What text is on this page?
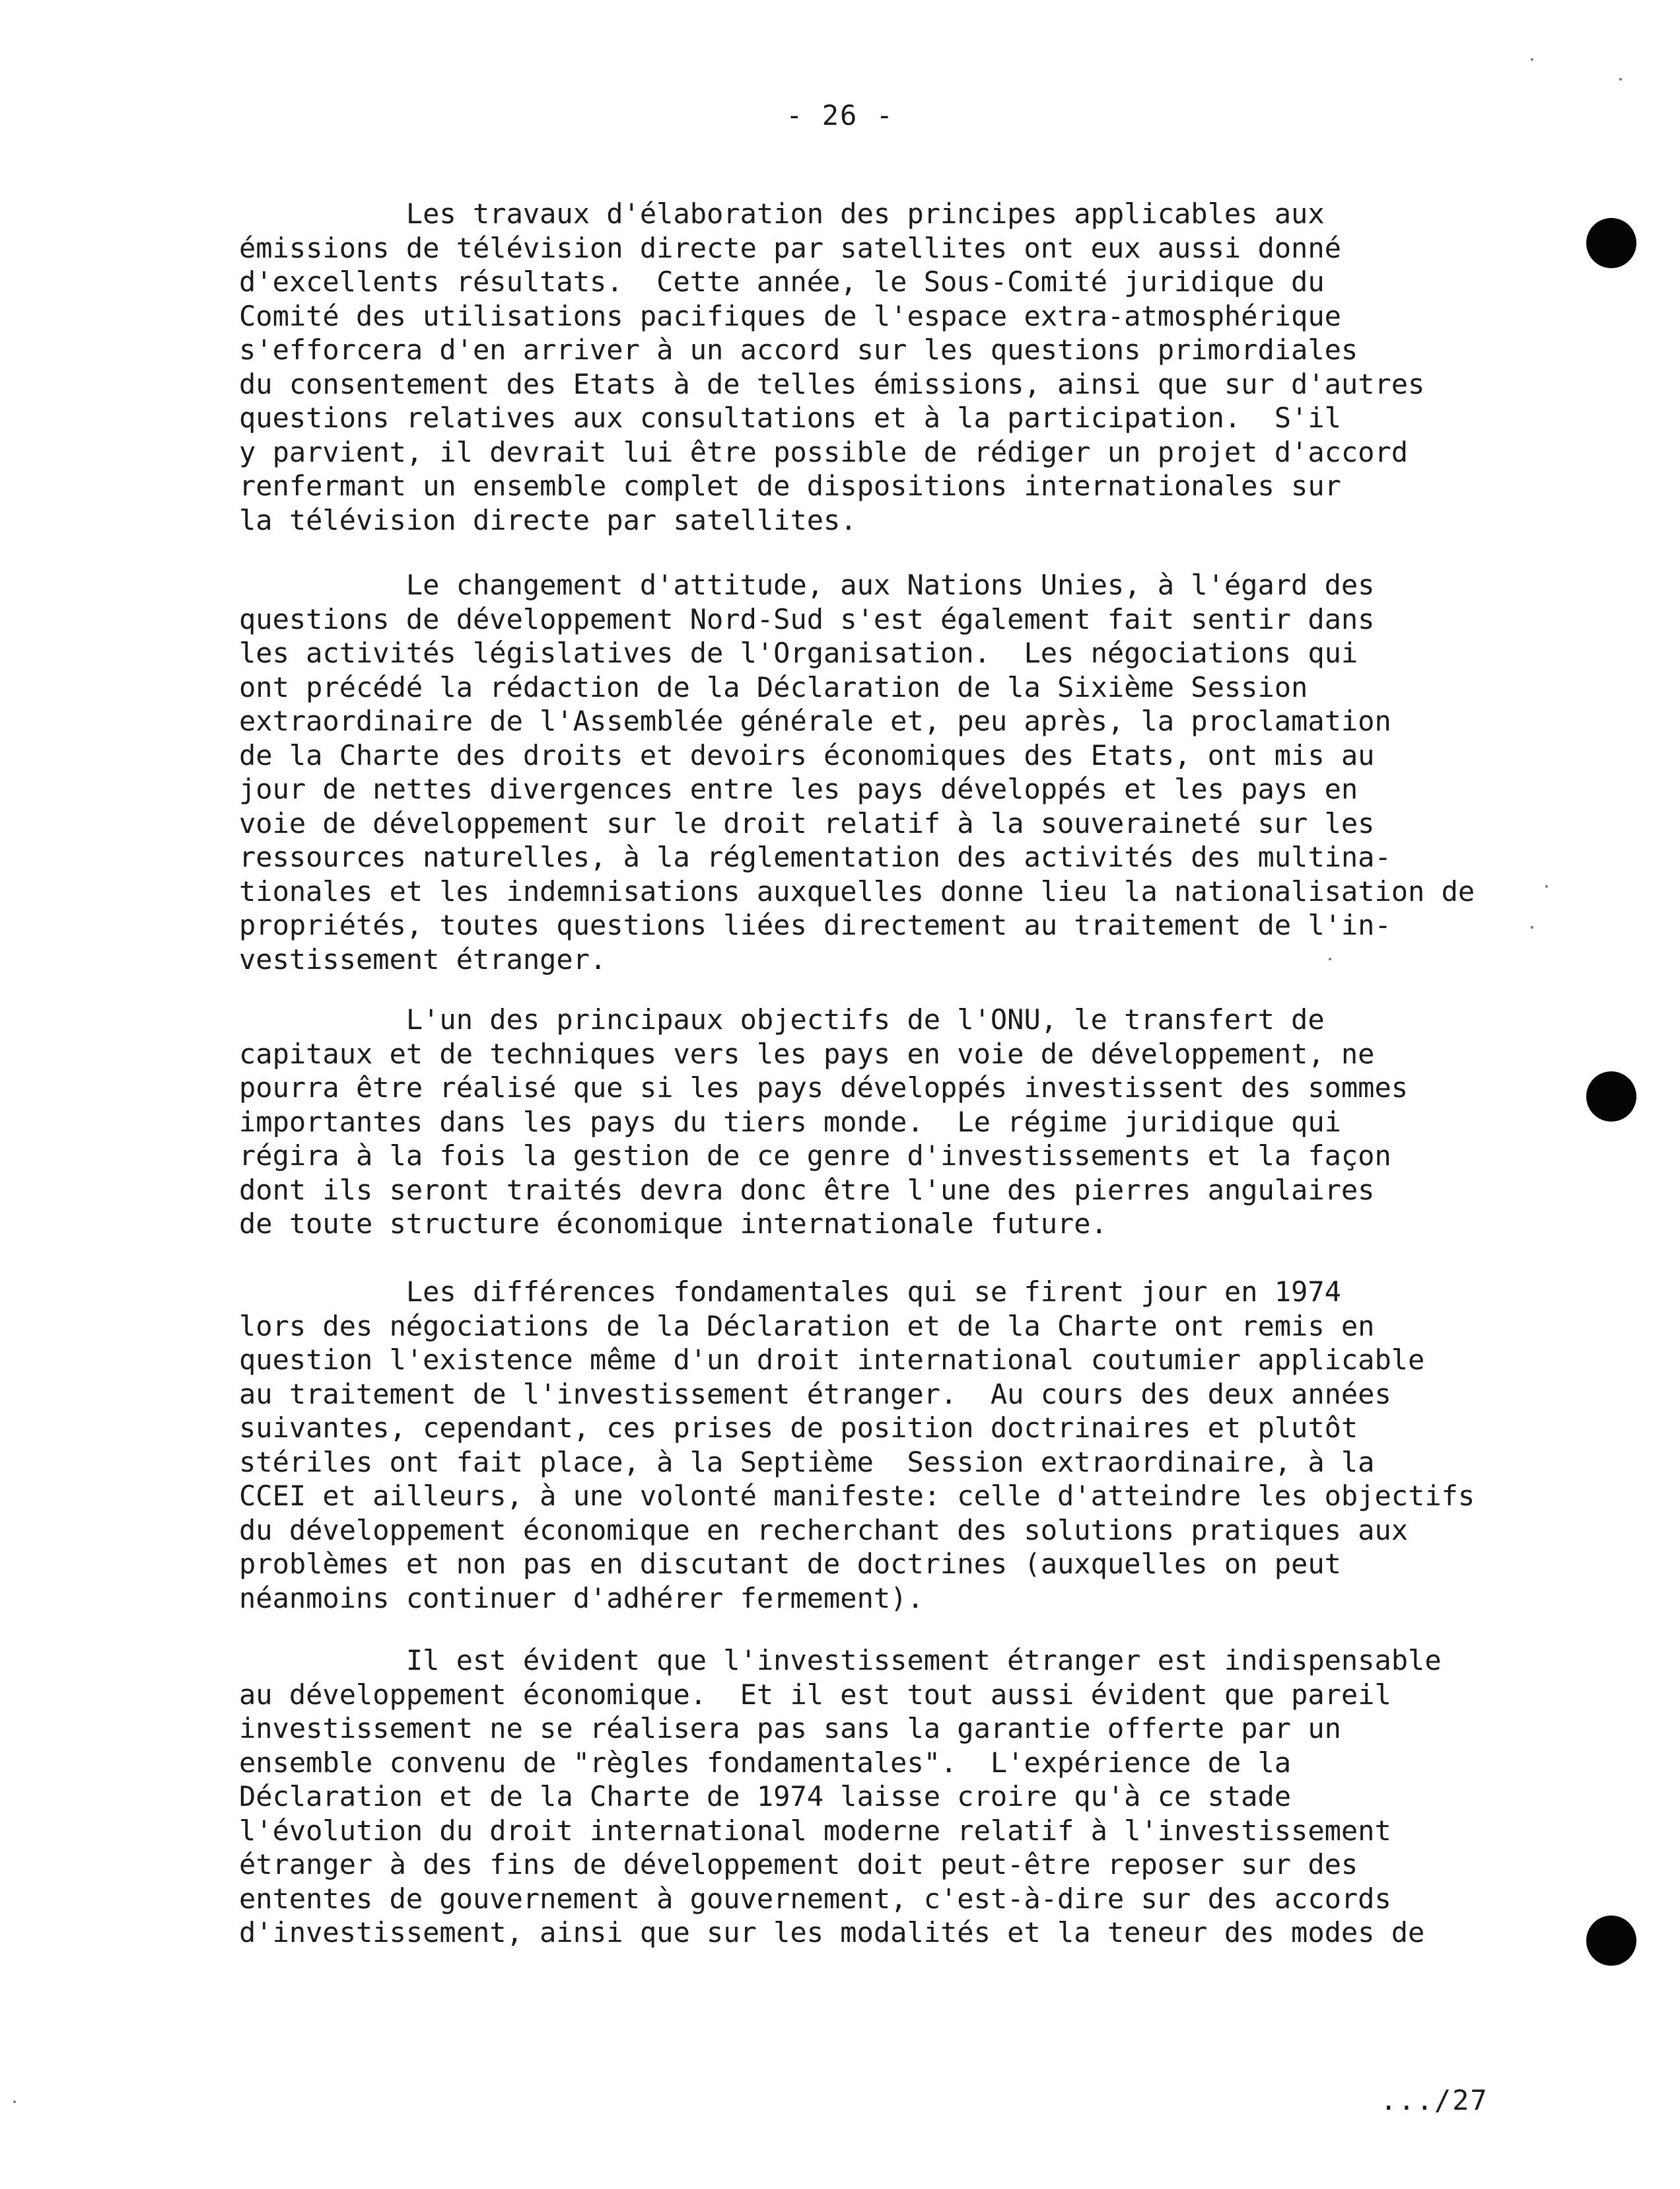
- 26 -
Les travaux d'élaboration des principes applicables aux
émissions de télévision directe par satellites ont eux aussi donné
d'excellents résultats.  Cette année, le Sous-Comité juridique du
Comité des utilisations pacifiques de l'espace extra-atmosphérique
s'efforcera d'en arriver à un accord sur les questions primordiales
du consentement des Etats à de telles émissions, ainsi que sur d'autres
questions relatives aux consultations et à la participation.  S'il
y parvient, il devrait lui être possible de rédiger un projet d'accord
renfermant un ensemble complet de dispositions internationales sur
la télévision directe par satellites.
Le changement d'attitude, aux Nations Unies, à l'égard des
questions de développement Nord-Sud s'est également fait sentir dans
les activités législatives de l'Organisation.  Les négociations qui
ont précédé la rédaction de la Déclaration de la Sixième Session
extraordinaire de l'Assemblée générale et, peu après, la proclamation
de la Charte des droits et devoirs économiques des Etats, ont mis au
jour de nettes divergences entre les pays développés et les pays en
voie de développement sur le droit relatif à la souveraineté sur les
ressources naturelles, à la réglementation des activités des multina-
tionales et les indemnisations auxquelles donne lieu la nationalisation de
propriétés, toutes questions liées directement au traitement de l'in-
vestissement étranger.
L'un des principaux objectifs de l'ONU, le transfert de
capitaux et de techniques vers les pays en voie de développement, ne
pourra être réalisé que si les pays développés investissent des sommes
importantes dans les pays du tiers monde.  Le régime juridique qui
régira à la fois la gestion de ce genre d'investissements et la façon
dont ils seront traités devra donc être l'une des pierres angulaires
de toute structure économique internationale future.
Les différences fondamentales qui se firent jour en 1974
lors des négociations de la Déclaration et de la Charte ont remis en
question l'existence même d'un droit international coutumier applicable
au traitement de l'investissement étranger.  Au cours des deux années
suivantes, cependant, ces prises de position doctrinaires et plutôt
stériles ont fait place, à la Septième  Session extraordinaire, à la
CCEI et ailleurs, à une volonté manifeste: celle d'atteindre les objectifs
du développement économique en recherchant des solutions pratiques aux
problèmes et non pas en discutant de doctrines (auxquelles on peut
néanmoins continuer d'adhérer fermement).
Il est évident que l'investissement étranger est indispensable
au développement économique.  Et il est tout aussi évident que pareil
investissement ne se réalisera pas sans la garantie offerte par un
ensemble convenu de "règles fondamentales".  L'expérience de la
Déclaration et de la Charte de 1974 laisse croire qu'à ce stade
l'évolution du droit international moderne relatif à l'investissement
étranger à des fins de développement doit peut-être reposer sur des
ententes de gouvernement à gouvernement, c'est-à-dire sur des accords
d'investissement, ainsi que sur les modalités et la teneur des modes de
.../27
